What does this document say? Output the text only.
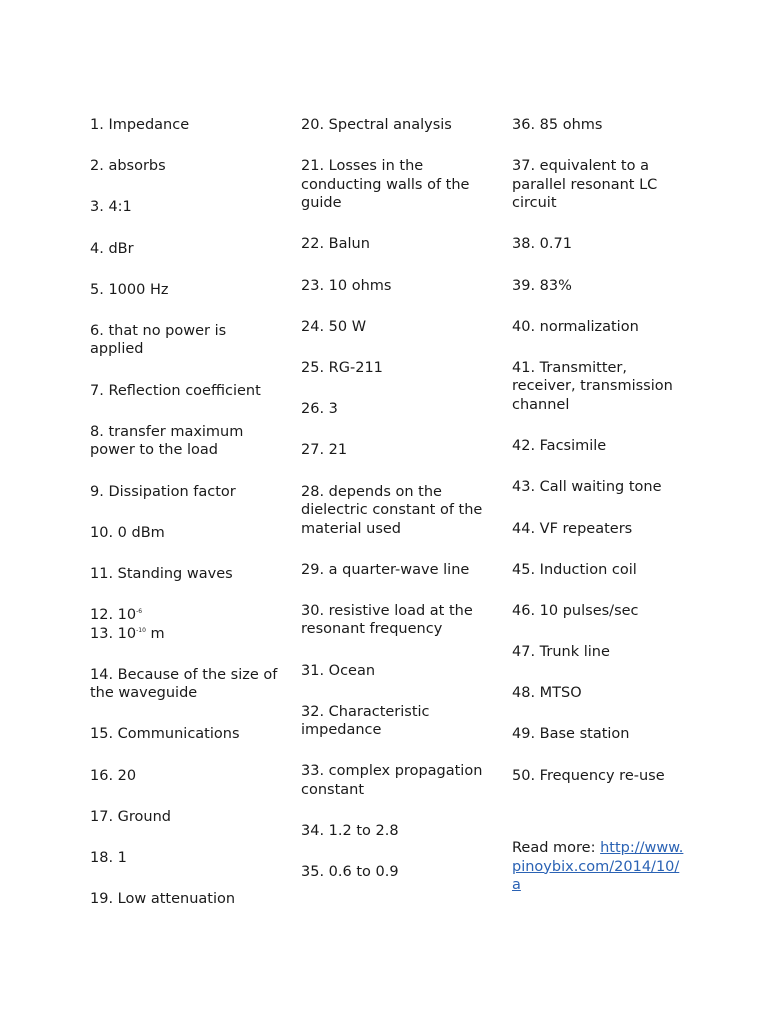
1. Impedance
2. absorbs
3. 4:1
4. dBr
5. 1000 Hz
6. that no power is applied
7. Reflection coefficient
8. transfer maximum power to the load
9. Dissipation factor
10. 0 dBm
11. Standing waves
12. $10^{-6}$
13. $10^{-10}$ m
14. Because of the size of the waveguide
15. Communications
16. 20
17. Ground
18. 1
19. Low attenuation
20. Spectral analysis
21. Losses in the conducting walls of the guide
22. Balun
23. 10 ohms
24. 50 W
25. RG-211
26. 3
27. 21
28. depends on the dielectric constant of the material used
29. a quarter-wave line
30. resistive load at the resonant frequency
31. Ocean
32. Characteristic impedance
33. complex propagation constant
34. 1.2 to 2.8
35. 0.6 to 0.9
36. 85 ohms
37. equivalent to a parallel resonant LC circuit
38. 0.71
39. 83%
40. normalization
41. Transmitter, receiver, transmission channel
42. Facsimile
43. Call waiting tone
44. VF repeaters
45. Induction coil
46. 10 pulses/sec
47. Trunk line
48. MTSO
49. Base station
50. Frequency re-use
Read more: http://www.pinoybix.com/2014/10/a
